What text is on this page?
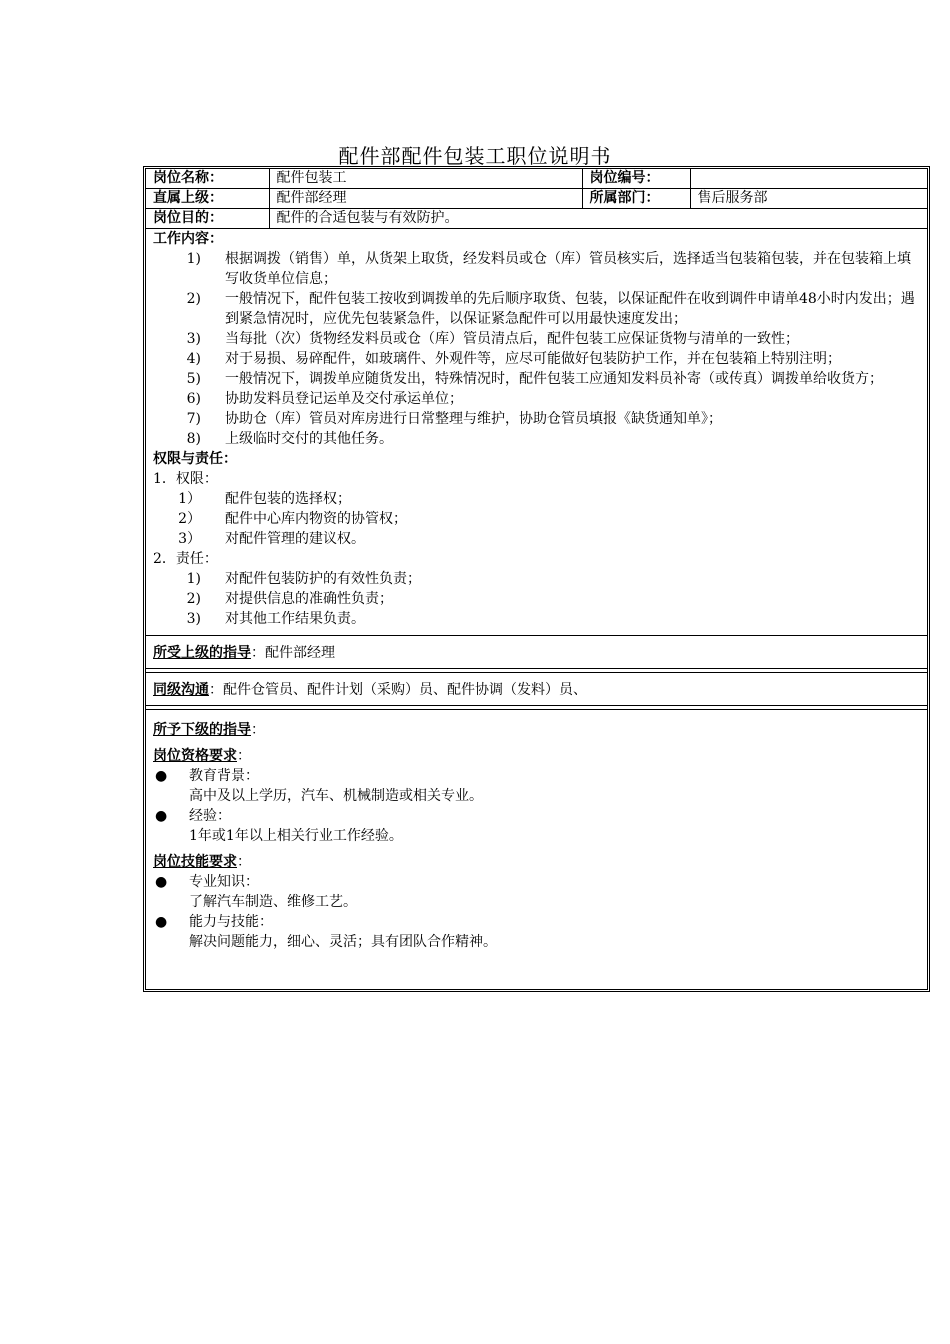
配件部配件包装工职位说明书
岗位名称：	配件包装工	岗位编号：	
直属上级：	配件部经理	所属部门：	售后服务部
岗位目的：	配件的合适包装与有效防护。		
工作内容：
1)	根据调拨（销售）单，从货架上取货，经发料员或仓（库）管员核实后，选择适当包装箱包装，并在包装箱上填写收货单位信息；
2)	一般情况下，配件包装工按收到调拨单的先后顺序取货、包装，以保证配件在收到调件申请单48小时内发出；遇到紧急情况时，应优先包装紧急件，以保证紧急配件可以用最快速度发出；
3)	当每批（次）货物经发料员或仓（库）管员清点后，配件包装工应保证货物与清单的一致性；
4)	对于易损、易碎配件，如玻璃件、外观件等，应尽可能做好包装防护工作，并在包装箱上特别注明；
5)	一般情况下，调拨单应随货发出，特殊情况时，配件包装工应通知发料员补寄（或传真）调拨单给收货方；
6)	协助发料员登记运单及交付承运单位；
7)	协助仓（库）管员对库房进行日常整理与维护，协助仓管员填报《缺货通知单》；
8)	上级临时交付的其他任务。
权限与责任：
1．权限：
1）	配件包装的选择权；
2）	配件中心库内物资的协管权；
3）	对配件管理的建议权。
2．责任：
1)	对配件包装防护的有效性负责；
2)	对提供信息的准确性负责；
3)	对其他工作结果负责。
所受上级的指导：配件部经理
同级沟通：配件仓管员、配件计划（采购）员、配件协调（发料）员、
所予下级的指导：
岗位资格要求：
●	教育背景：
高中及以上学历，汽车、机械制造或相关专业。
●	经验：
1年或1年以上相关行业工作经验。
岗位技能要求：
●	专业知识：
了解汽车制造、维修工艺。
●	能力与技能：
解决问题能力，细心、灵活；具有团队合作精神。
